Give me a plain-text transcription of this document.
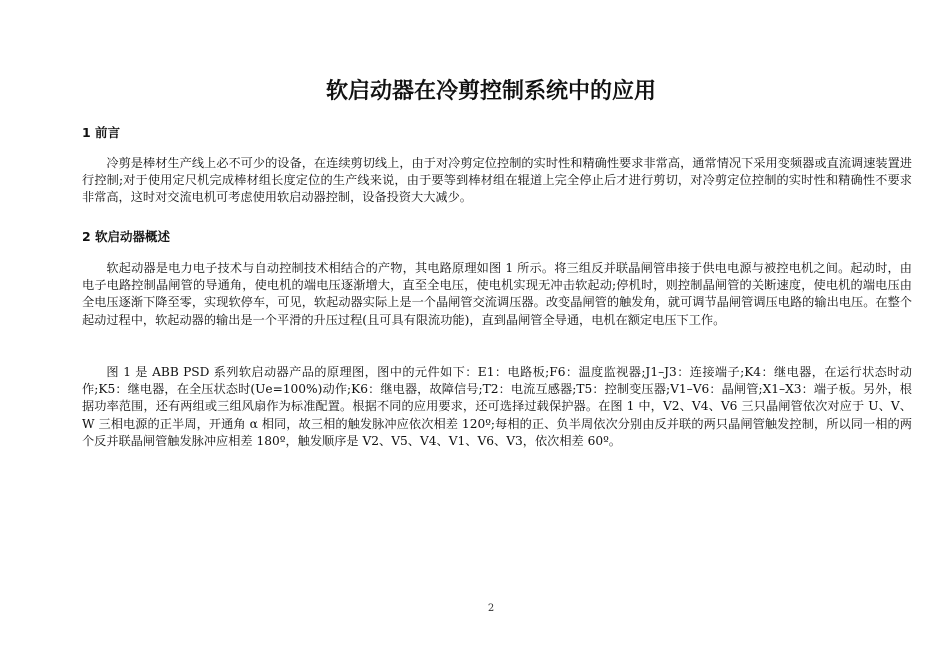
软启动器在冷剪控制系统中的应用
1 前言

冷剪是棒材生产线上必不可少的设备，在连续剪切线上，由于对冷剪定位控制的实时性和精确性要求非常高，通常情况下采用变频器或直流调速装置进行控制;对于使用定尺机完成棒材组长度定位的生产线来说，由于要等到棒材组在辊道上完全停止后才进行剪切，对冷剪定位控制的实时性和精确性不要求非常高，这时对交流电机可考虑使用软启动器控制，设备投资大大减少。

2 软启动器概述

软起动器是电力电子技术与自动控制技术相结合的产物，其电路原理如图 1 所示。将三组反并联晶闸管串接于供电电源与被控电机之间。起动时，由电子电路控制晶闸管的导通角，使电机的端电压逐渐增大，直至全电压，使电机实现无冲击软起动;停机时，则控制晶闸管的关断速度，使电机的端电压由全电压逐渐下降至零，实现软停车，可见，软起动器实际上是一个晶闸管交流调压器。改变晶闸管的触发角，就可调节晶闸管调压电路的输出电压。在整个起动过程中，软起动器的输出是一个平滑的升压过程(且可具有限流功能)，直到晶闸管全导通，电机在额定电压下工作。

图 1 是 ABB PSD 系列软启动器产品的原理图，图中的元件如下：E1：电路板;F6：温度监视器;J1–J3：连接端子;K4：继电器，在运行状态时动作;K5：继电器，在全压状态时(Ue=100%)动作;K6：继电器，故障信号;T2：电流互感器;T5：控制变压器;V1–V6：晶闸管;X1–X3：端子板。另外，根据功率范围，还有两组或三组风扇作为标准配置。根据不同的应用要求，还可选择过载保护器。在图 1 中，V2、V4、V6 三只晶闸管依次对应于 U、V、W 三相电源的正半周，开通角 α 相同，故三相的触发脉冲应依次相差 120º;每相的正、负半周依次分别由反并联的两只晶闸管触发控制，所以同一相的两个反并联晶闸管触发脉冲应相差 180º，触发顺序是 V2、V5、V4、V1、V6、V3，依次相差 60º。

2
